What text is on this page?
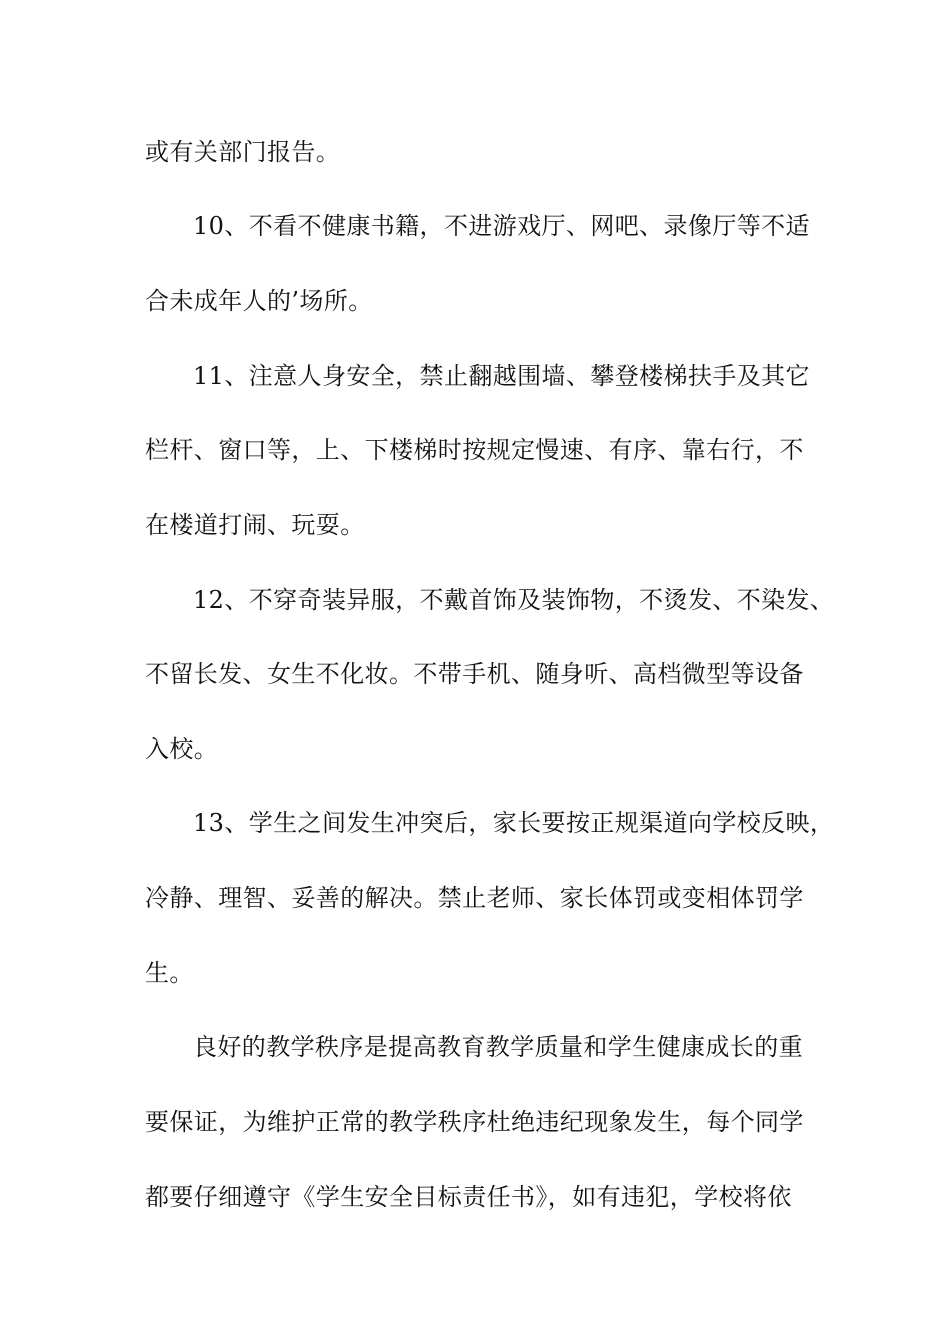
或有关部门报告。
10、不看不健康书籍，不进游戏厅、网吧、录像厅等不适
合未成年人的’场所。
11、注意人身安全，禁止翻越围墙、攀登楼梯扶手及其它
栏杆、窗口等，上、下楼梯时按规定慢速、有序、靠右行，不
在楼道打闹、玩耍。
12、不穿奇装异服，不戴首饰及装饰物，不烫发、不染发、
不留长发、女生不化妆。不带手机、随身听、高档微型等设备
入校。
13、学生之间发生冲突后，家长要按正规渠道向学校反映，
冷静、理智、妥善的解决。禁止老师、家长体罚或变相体罚学
生。
良好的教学秩序是提高教育教学质量和学生健康成长的重
要保证，为维护正常的教学秩序杜绝违纪现象发生，每个同学
都要仔细遵守《学生安全目标责任书》，如有违犯，学校将依
